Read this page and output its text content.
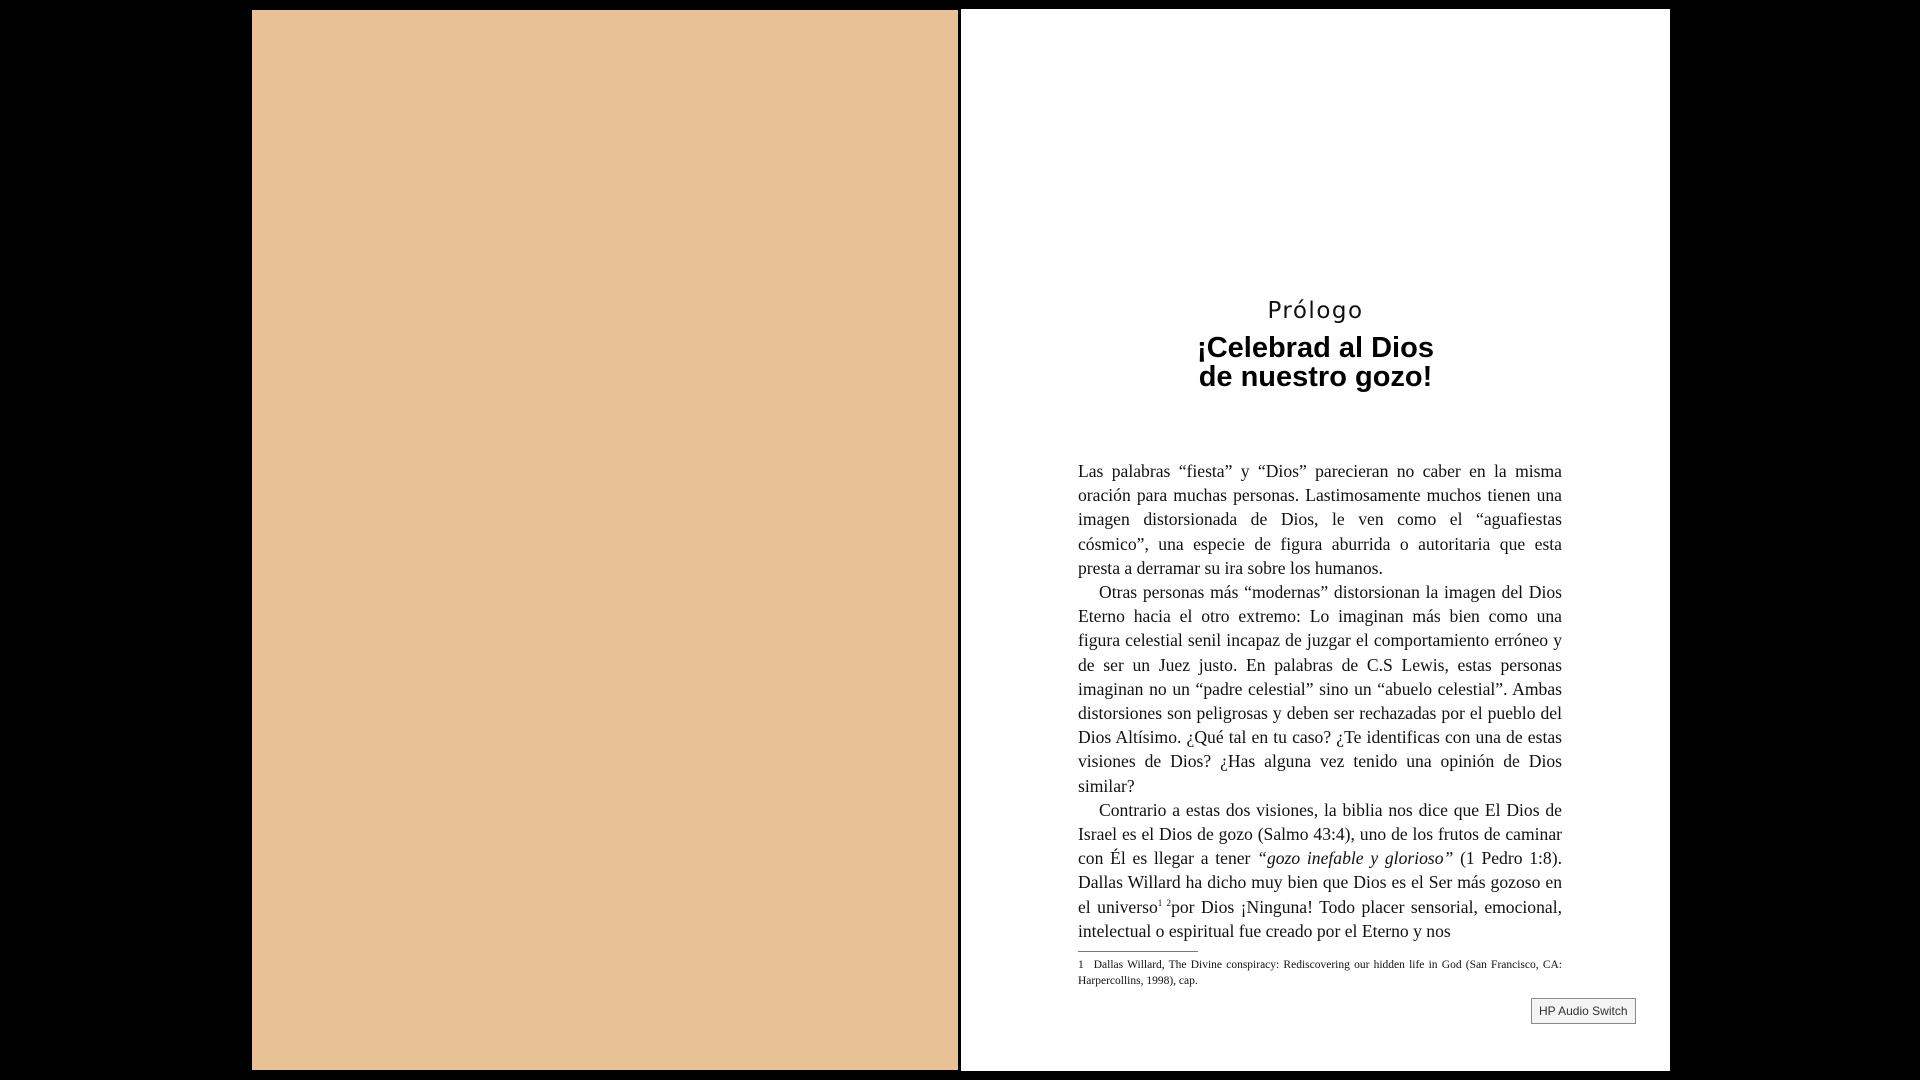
Prólogo
¡Celebrad al Dios
de nuestro gozo!

Las palabras “fiesta” y “Dios” parecieran no caber en la misma oración para muchas personas. Lastimosamente muchos tienen una imagen distorsionada de Dios, le ven como el “aguafiestas cósmico”, una especie de figura aburrida o autoritaria que esta presta a derramar su ira sobre los humanos.

Otras personas más “modernas” distorsionan la imagen del Dios Eterno hacia el otro extremo: Lo imaginan más bien como una figura celestial senil incapaz de juzgar el comportamiento erróneo y de ser un Juez justo. En palabras de C.S Lewis, estas personas imaginan no un “padre celestial” sino un “abuelo celestial”. Ambas distorsiones son peligrosas y deben ser rechazadas por el pueblo del Dios Altísimo. ¿Qué tal en tu caso? ¿Te identificas con una de estas visiones de Dios? ¿Has alguna vez tenido una opinión de Dios similar?

Contrario a estas dos visiones, la biblia nos dice que El Dios de Israel es el Dios de gozo (Salmo 43:4), uno de los frutos de caminar con Él es llegar a tener “gozo inefable y glorioso” (1 Pedro 1:8). Dallas Willard ha dicho muy bien que Dios es el Ser más gozoso en el universo$^{1 2}$por Dios ¡Ninguna! Todo placer sensorial, emocional, intelectual o espiritual fue creado por el Eterno y nos

1 Dallas Willard, The Divine conspiracy: Rediscovering our hidden life in God (San Francisco, CA: Harpercollins, 1998), cap.
HP Audio Switch
